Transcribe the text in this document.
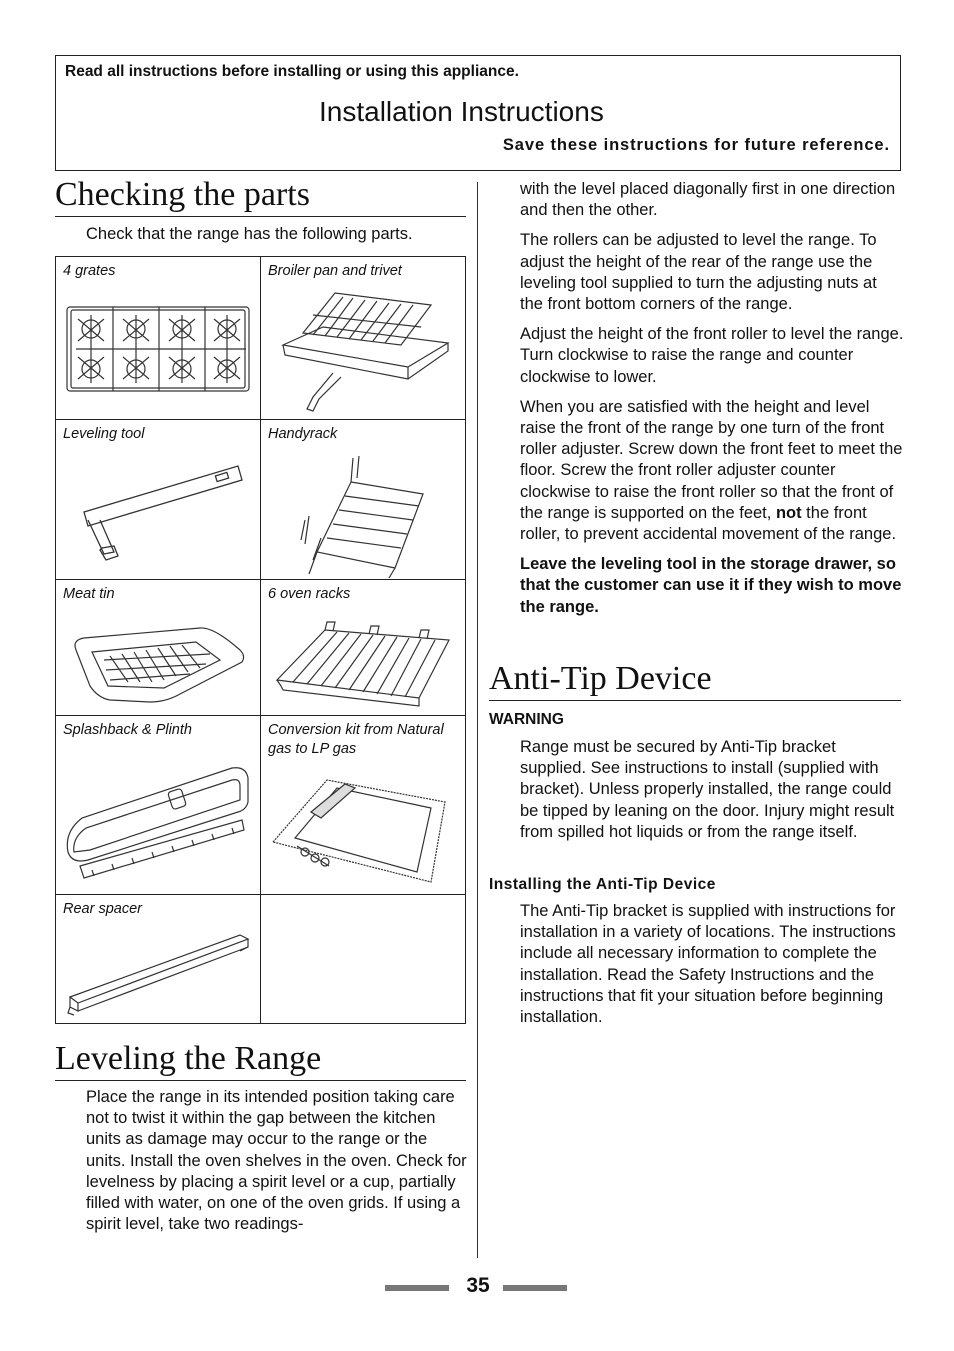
Read all instructions before installing or using this appliance.
Installation Instructions
Save these instructions for future reference.
Checking the parts
Check that the range has the following parts.
4 grates	Broiler pan and trivet
Leveling tool	Handyrack
Meat tin	6 oven racks
Splashback & Plinth	Conversion kit from Natural gas to LP gas
Rear spacer
Leveling the Range
Place the range in its intended position taking care not to twist it within the gap between the kitchen units as damage may occur to the range or the units. Install the oven shelves in the oven. Check for levelness by placing a spirit level or a cup, partially filled with water, on one of the oven grids. If using a spirit level, take two readings-

with the level placed diagonally first in one direction and then the other.

The rollers can be adjusted to level the range. To adjust the height of the rear of the range use the leveling tool supplied to turn the adjusting nuts at the front bottom corners of the range.

Adjust the height of the front roller to level the range. Turn clockwise to raise the range and counter clockwise to lower.

When you are satisfied with the height and level raise the front of the range by one turn of the front roller adjuster. Screw down the front feet to meet the floor. Screw the front roller adjuster counter clockwise to raise the front roller so that the front of the range is supported on the feet, not the front roller, to prevent accidental movement of the range.

Leave the leveling tool in the storage drawer, so that the customer can use it if they wish to move the range.

Anti-Tip Device
WARNING
Range must be secured by Anti-Tip bracket supplied. See instructions to install (supplied with bracket). Unless properly installed, the range could be tipped by leaning on the door. Injury might result from spilled hot liquids or from the range itself.
Installing the Anti-Tip Device
The Anti-Tip bracket is supplied with instructions for installation in a variety of locations. The instructions include all necessary information to complete the installation. Read the Safety Instructions and the instructions that fit your situation before beginning installation.
35
